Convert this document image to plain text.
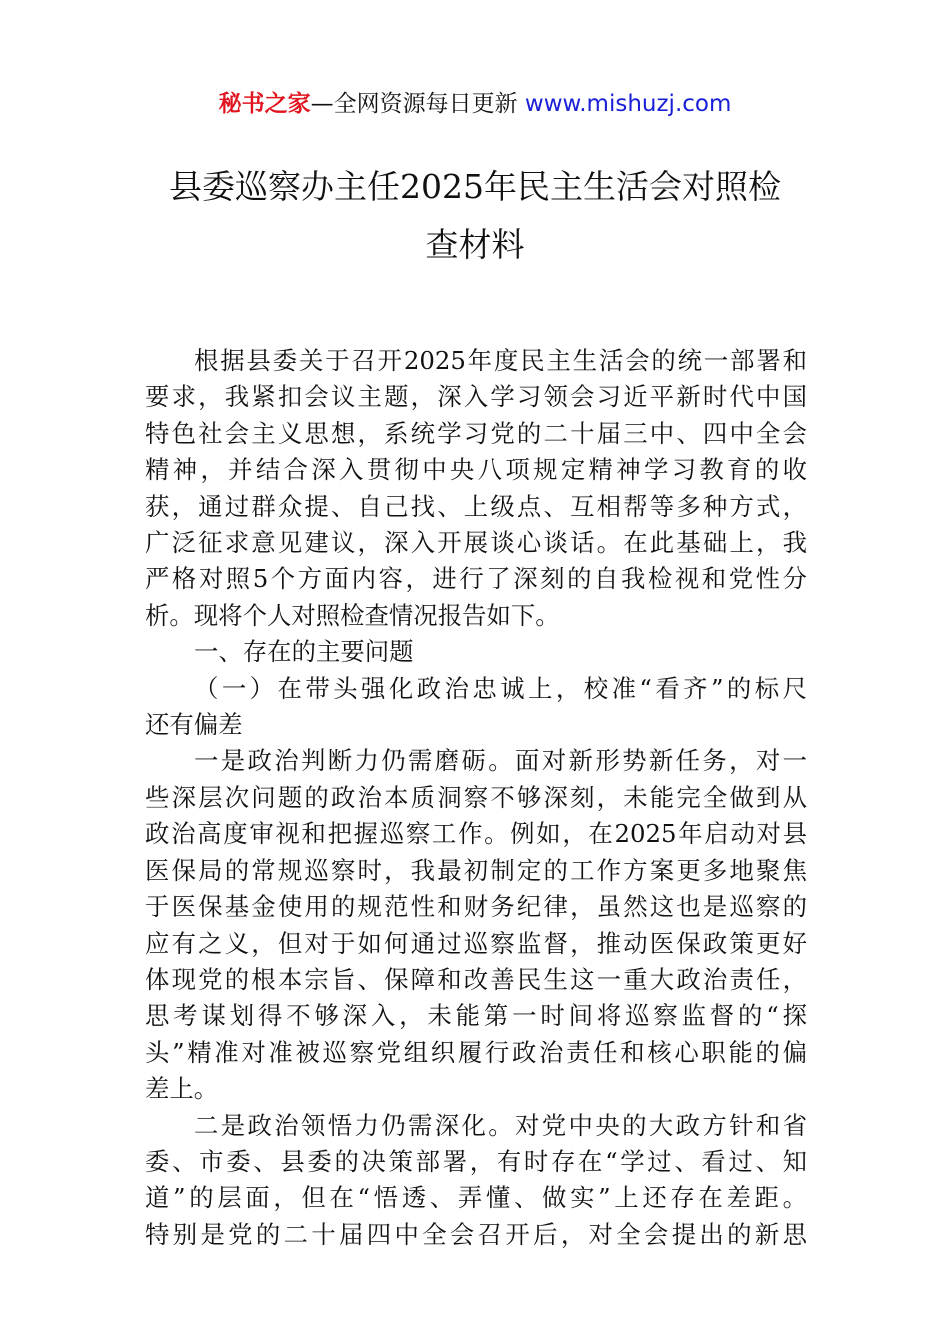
秘书之家—全网资源每日更新 www.mishuzj.com
县委巡察办主任2025年民主生活会对照检
查材料
根据县委关于召开2025年度民主生活会的统一部署和
要求，我紧扣会议主题，深入学习领会习近平新时代中国
特色社会主义思想，系统学习党的二十届三中、四中全会
精神，并结合深入贯彻中央八项规定精神学习教育的收
获，通过群众提、自己找、上级点、互相帮等多种方式，
广泛征求意见建议，深入开展谈心谈话。在此基础上，我
严格对照5个方面内容，进行了深刻的自我检视和党性分
析。现将个人对照检查情况报告如下。
一、存在的主要问题
（一）在带头强化政治忠诚上，校准“看齐”的标尺
还有偏差
一是政治判断力仍需磨砺。面对新形势新任务，对一
些深层次问题的政治本质洞察不够深刻，未能完全做到从
政治高度审视和把握巡察工作。例如，在2025年启动对县
医保局的常规巡察时，我最初制定的工作方案更多地聚焦
于医保基金使用的规范性和财务纪律，虽然这也是巡察的
应有之义，但对于如何通过巡察监督，推动医保政策更好
体现党的根本宗旨、保障和改善民生这一重大政治责任，
思考谋划得不够深入，未能第一时间将巡察监督的“探
头”精准对准被巡察党组织履行政治责任和核心职能的偏
差上。
二是政治领悟力仍需深化。对党中央的大政方针和省
委、市委、县委的决策部署，有时存在“学过、看过、知
道”的层面，但在“悟透、弄懂、做实”上还存在差距。
特别是党的二十届四中全会召开后，对全会提出的新思
